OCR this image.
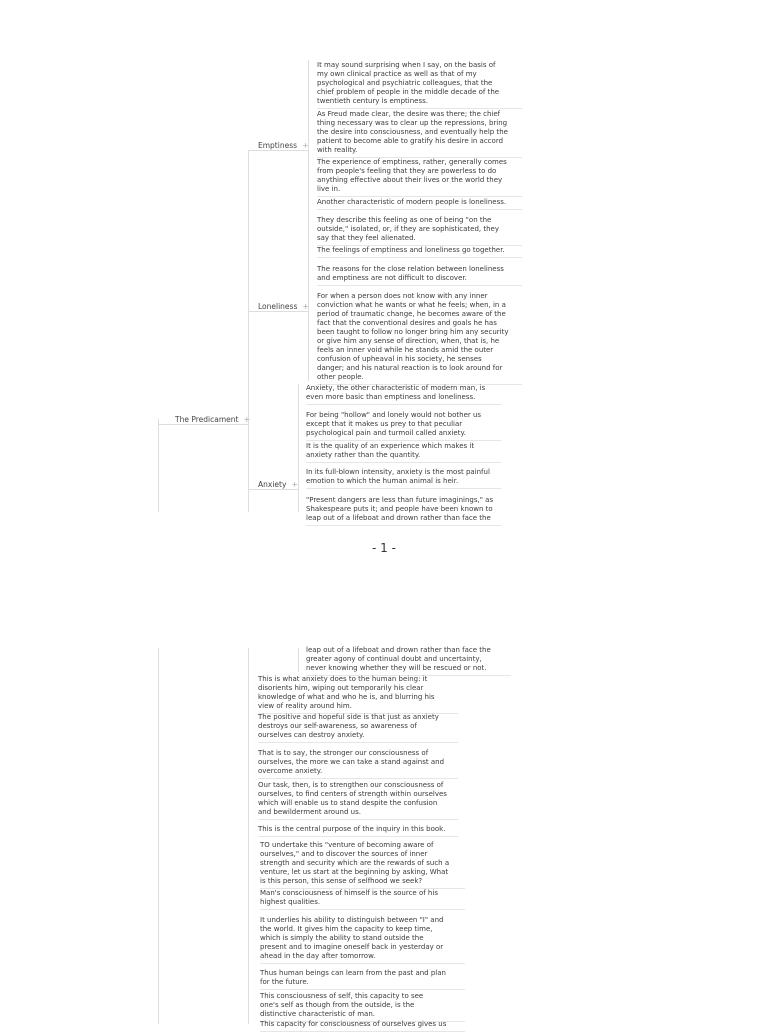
The Predicament +
Emptiness +
Loneliness +
Anxiety +
It may sound surprising when I say, on the basis of
my own clinical practice as well as that of my
psychological and psychiatric colleagues, that the
chief problem of people in the middle decade of the
twentieth century is emptiness.
As Freud made clear, the desire was there; the chief
thing necessary was to clear up the repressions, bring
the desire into consciousness, and eventually help the
patient to become able to gratify his desire in accord
with reality.
The experience of emptiness, rather, generally comes
from people's feeling that they are powerless to do
anything effective about their lives or the world they
live in.
Another characteristic of modern people is loneliness.
They describe this feeling as one of being "on the
outside," isolated, or, if they are sophisticated, they
say that they feel alienated.
The feelings of emptiness and loneliness go together.
The reasons for the close relation between loneliness
and emptiness are not difficult to discover.
For when a person does not know with any inner
conviction what he wants or what he feels; when, in a
period of traumatic change, he becomes aware of the
fact that the conventional desires and goals he has
been taught to follow no longer bring him any security
or give him any sense of direction, when, that is, he
feels an inner void while he stands amid the outer
confusion of upheaval in his society, he senses
danger; and his natural reaction is to look around for
other people.
Anxiety, the other characteristic of modern man, is
even more basic than emptiness and loneliness.
For being "hollow" and lonely would not bother us
except that it makes us prey to that peculiar
psychological pain and turmoil called anxiety.
It is the quality of an experience which makes it
anxiety rather than the quantity.
In its full-blown intensity, anxiety is the most painful
emotion to which the human animal is heir.
"Present dangers are less than future imaginings," as
Shakespeare puts it; and people have been known to
leap out of a lifeboat and drown rather than face the
- 1 -
leap out of a lifeboat and drown rather than face the
greater agony of continual doubt and uncertainty,
never knowing whether they will be rescued or not.
This is what anxiety does to the human being: it
disorients him, wiping out temporarily his clear
knowledge of what and who he is, and blurring his
view of reality around him.
The positive and hopeful side is that just as anxiety
destroys our self-awareness, so awareness of
ourselves can destroy anxiety.
That is to say, the stronger our consciousness of
ourselves, the more we can take a stand against and
overcome anxiety.
Our task, then, is to strengthen our consciousness of
ourselves, to find centers of strength within ourselves
which will enable us to stand despite the confusion
and bewilderment around us.
This is the central purpose of the inquiry in this book.
TO undertake this "venture of becoming aware of
ourselves," and to discover the sources of inner
strength and security which are the rewards of such a
venture, let us start at the beginning by asking, What
is this person, this sense of selfhood we seek?
Man's consciousness of himself is the source of his
highest qualities.
It underlies his ability to distinguish between "I" and
the world. It gives him the capacity to keep time,
which is simply the ability to stand outside the
present and to imagine oneself back in yesterday or
ahead in the day after tomorrow.
Thus human beings can learn from the past and plan
for the future.
This consciousness of self, this capacity to see
one's self as though from the outside, is the
distinctive characteristic of man.
This capacity for consciousness of ourselves gives us
